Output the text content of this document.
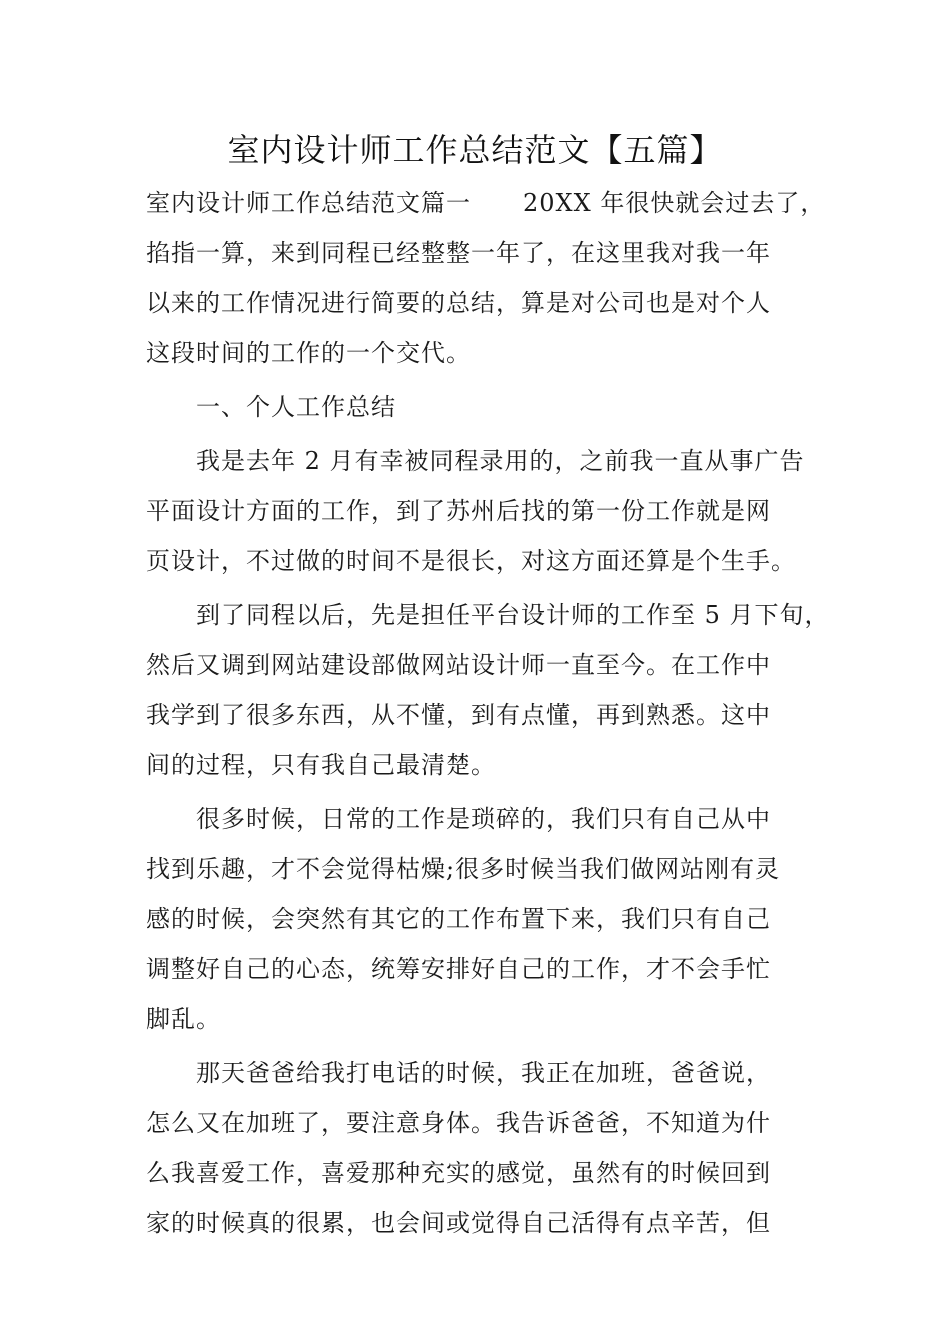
室内设计师工作总结范文【五篇】
室内设计师工作总结范文篇一 20XX 年很快就会过去了，
掐指一算，来到同程已经整整一年了，在这里我对我一年
以来的工作情况进行简要的总结，算是对公司也是对个人
这段时间的工作的一个交代。
一、个人工作总结
我是去年 2 月有幸被同程录用的，之前我一直从事广告
平面设计方面的工作，到了苏州后找的第一份工作就是网
页设计，不过做的时间不是很长，对这方面还算是个生手。
到了同程以后，先是担任平台设计师的工作至 5 月下旬，
然后又调到网站建设部做网站设计师一直至今。在工作中
我学到了很多东西，从不懂，到有点懂，再到熟悉。这中
间的过程，只有我自己最清楚。
很多时候，日常的工作是琐碎的，我们只有自己从中
找到乐趣，才不会觉得枯燥;很多时候当我们做网站刚有灵
感的时候，会突然有其它的工作布置下来，我们只有自己
调整好自己的心态，统筹安排好自己的工作，才不会手忙
脚乱。
那天爸爸给我打电话的时候，我正在加班，爸爸说，
怎么又在加班了，要注意身体。我告诉爸爸，不知道为什
么我喜爱工作，喜爱那种充实的感觉，虽然有的时候回到
家的时候真的很累，也会间或觉得自己活得有点辛苦，但
